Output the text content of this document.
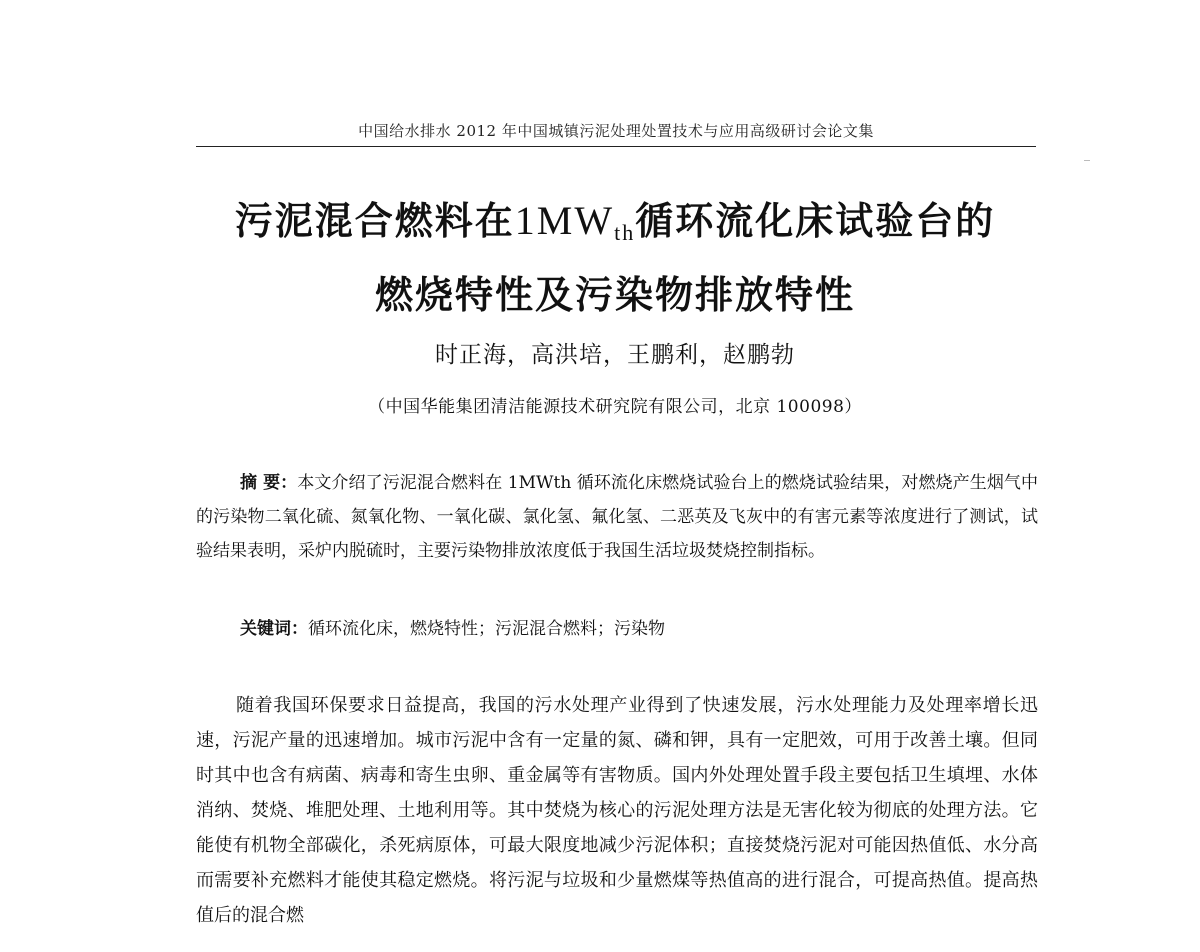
中国给水排水 2012 年中国城镇污泥处理处置技术与应用高级研讨会论文集
污泥混合燃料在$1MW_{th}$循环流化床试验台的
燃烧特性及污染物排放特性
时正海，高洪培，王鹏利，赵鹏勃
（中国华能集团清洁能源技术研究院有限公司，北京 100098）

摘 要：本文介绍了污泥混合燃料在 1MWth 循环流化床燃烧试验台上的燃烧试验结果，对燃烧产生烟气中的污染物二氧化硫、氮氧化物、一氧化碳、氯化氢、氟化氢、二恶英及飞灰中的有害元素等浓度进行了测试，试验结果表明，采炉内脱硫时，主要污染物排放浓度低于我国生活垃圾焚烧控制指标。

关键词：循环流化床，燃烧特性；污泥混合燃料；污染物

随着我国环保要求日益提高，我国的污水处理产业得到了快速发展，污水处理能力及处理率增长迅速，污泥产量的迅速增加。城市污泥中含有一定量的氮、磷和钾，具有一定肥效，可用于改善土壤。但同时其中也含有病菌、病毒和寄生虫卵、重金属等有害物质。国内外处理处置手段主要包括卫生填埋、水体消纳、焚烧、堆肥处理、土地利用等。其中焚烧为核心的污泥处理方法是无害化较为彻底的处理方法。它能使有机物全部碳化，杀死病原体，可最大限度地减少污泥体积；直接焚烧污泥对可能因热值低、水分高而需要补充燃料才能使其稳定燃烧。将污泥与垃圾和少量燃煤等热值高的进行混合，可提高热值。提高热值后的混合燃
